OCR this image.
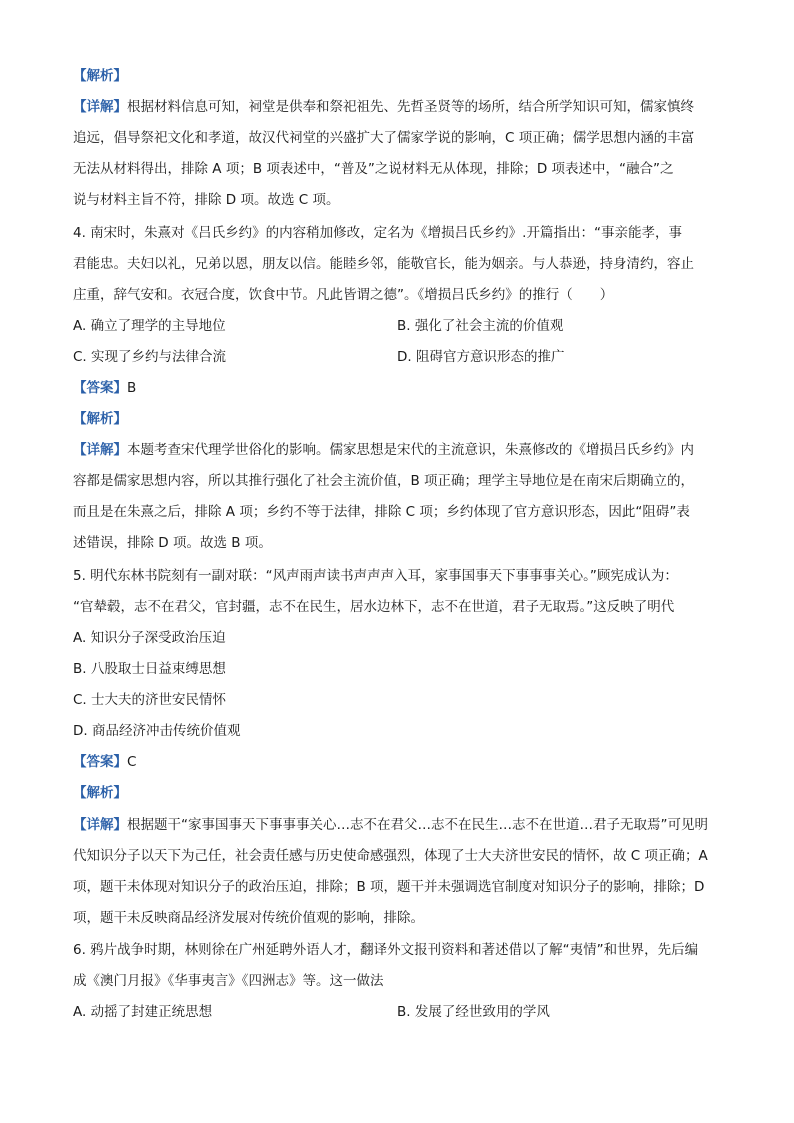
【解析】
【详解】根据材料信息可知，祠堂是供奉和祭祀祖先、先哲圣贤等的场所，结合所学知识可知，儒家慎终
追远，倡导祭祀文化和孝道，故汉代祠堂的兴盛扩大了儒家学说的影响，C 项正确；儒学思想内涵的丰富
无法从材料得出，排除 A 项；B 项表述中，“普及”之说材料无从体现，排除；D 项表述中，“融合”之
说与材料主旨不符，排除 D 项。故选 C 项。
4. 南宋时，朱熹对《吕氏乡约》的内容稍加修改，定名为《增损吕氏乡约》.开篇指出：“事亲能孝，事
君能忠。夫妇以礼，兄弟以恩，朋友以信。能睦乡邻，能敬官长，能为姻亲。与人恭逊，持身清约，容止
庄重，辞气安和。衣冠合度，饮食中节。凡此皆谓之德”。《增损吕氏乡约》的推行（　　）
A. 确立了理学的主导地位	B. 强化了社会主流的价值观
C. 实现了乡约与法律合流	D. 阻碍官方意识形态的推广
【答案】B
【解析】
【详解】本题考查宋代理学世俗化的影响。儒家思想是宋代的主流意识，朱熹修改的《增损吕氏乡约》内
容都是儒家思想内容，所以其推行强化了社会主流价值，B 项正确；理学主导地位是在南宋后期确立的，
而且是在朱熹之后，排除 A 项；乡约不等于法律，排除 C 项；乡约体现了官方意识形态，因此“阻碍”表
述错误，排除 D 项。故选 B 项。
5. 明代东林书院刻有一副对联：“风声雨声读书声声声入耳，家事国事天下事事事关心。”顾宪成认为：
“官辇毂，志不在君父，官封疆，志不在民生，居水边林下，志不在世道，君子无取焉。”这反映了明代
A. 知识分子深受政治压迫
B. 八股取士日益束缚思想
C. 士大夫的济世安民情怀
D. 商品经济冲击传统价值观
【答案】C
【解析】
【详解】根据题干“家事国事天下事事事关心…志不在君父…志不在民生…志不在世道…君子无取焉”可见明
代知识分子以天下为己任，社会责任感与历史使命感强烈，体现了士大夫济世安民的情怀，故 C 项正确；A
项，题干未体现对知识分子的政治压迫，排除；B 项，题干并未强调选官制度对知识分子的影响，排除；D
项，题干未反映商品经济发展对传统价值观的影响，排除。
6. 鸦片战争时期，林则徐在广州延聘外语人才，翻译外文报刊资料和著述借以了解“夷情”和世界，先后编
成《澳门月报》《华事夷言》《四洲志》等。这一做法
A. 动摇了封建正统思想	B. 发展了经世致用的学风
